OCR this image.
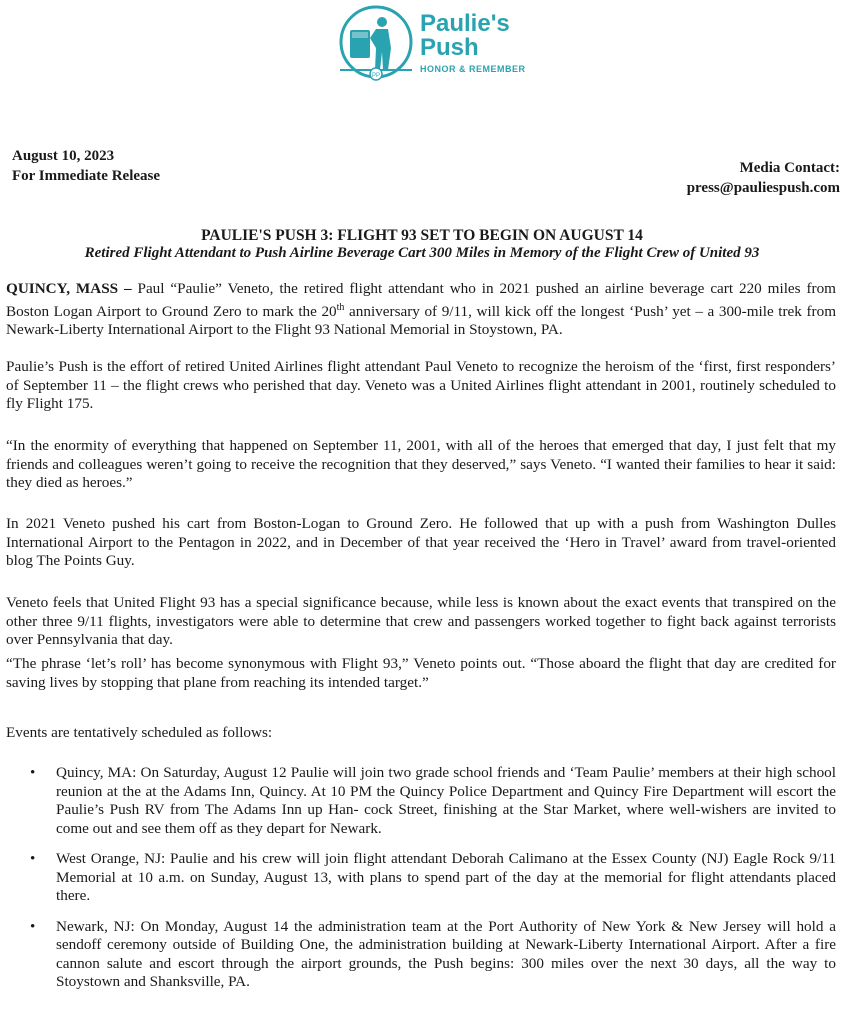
PP
Paulie's
Push
HONOR & REMEMBER
August 10, 2023
For Immediate Release	Media Contact:
press@pauliespush.com
PAULIE'S PUSH 3: FLIGHT 93 SET TO BEGIN ON AUGUST 14
Retired Flight Attendant to Push Airline Beverage Cart 300 Miles in Memory of the Flight Crew of United 93
QUINCY, MASS – Paul “Paulie” Veneto, the retired flight attendant who in 2021 pushed an airline beverage cart 220 miles from Boston Logan Airport to Ground Zero to mark the 20th anniversary of 9/11, will kick off the longest ‘Push’ yet – a 300-mile trek from Newark-Liberty International Airport to the Flight 93 National Memorial in Stoystown, PA.
Paulie’s Push is the effort of retired United Airlines flight attendant Paul Veneto to recognize the heroism of the ‘first, first responders’ of September 11 – the flight crews who perished that day. Veneto was a United Airlines flight attendant in 2001, routinely scheduled to fly Flight 175.
“In the enormity of everything that happened on September 11, 2001, with all of the heroes that emerged that day, I just felt that my friends and colleagues weren’t going to receive the recognition that they deserved,” says Veneto. “I wanted their families to hear it said: they died as heroes.”
In 2021 Veneto pushed his cart from Boston-Logan to Ground Zero. He followed that up with a push from Washington Dulles International Airport to the Pentagon in 2022, and in December of that year received the ‘Hero in Travel’ award from travel-oriented blog The Points Guy.
Veneto feels that United Flight 93 has a special significance because, while less is known about the exact events that transpired on the other three 9/11 flights, investigators were able to determine that crew and passengers worked together to fight back against terrorists over Pennsylvania that day.
“The phrase ‘let’s roll’ has become synonymous with Flight 93,” Veneto points out. “Those aboard the flight that day are credited for saving lives by stopping that plane from reaching its intended target.”
Events are tentatively scheduled as follows:
• Quincy, MA: On Saturday, August 12 Paulie will join two grade school friends and ‘Team Paulie’ members at their high school reunion at the at the Adams Inn, Quincy. At 10 PM the Quincy Police Department and Quincy Fire Department will escort the Paulie’s Push RV from The Adams Inn up Han- cock Street, finishing at the Star Market, where well-wishers are invited to come out and see them off as they depart for Newark.
• West Orange, NJ: Paulie and his crew will join flight attendant Deborah Calimano at the Essex County (NJ) Eagle Rock 9/11 Memorial at 10 a.m. on Sunday, August 13, with plans to spend part of the day at the memorial for flight attendants placed there.
• Newark, NJ: On Monday, August 14 the administration team at the Port Authority of New York & New Jersey will hold a sendoff ceremony outside of Building One, the administration building at Newark-Liberty International Airport. After a fire cannon salute and escort through the airport grounds, the Push begins: 300 miles over the next 30 days, all the way to Stoystown and Shanksville, PA.
